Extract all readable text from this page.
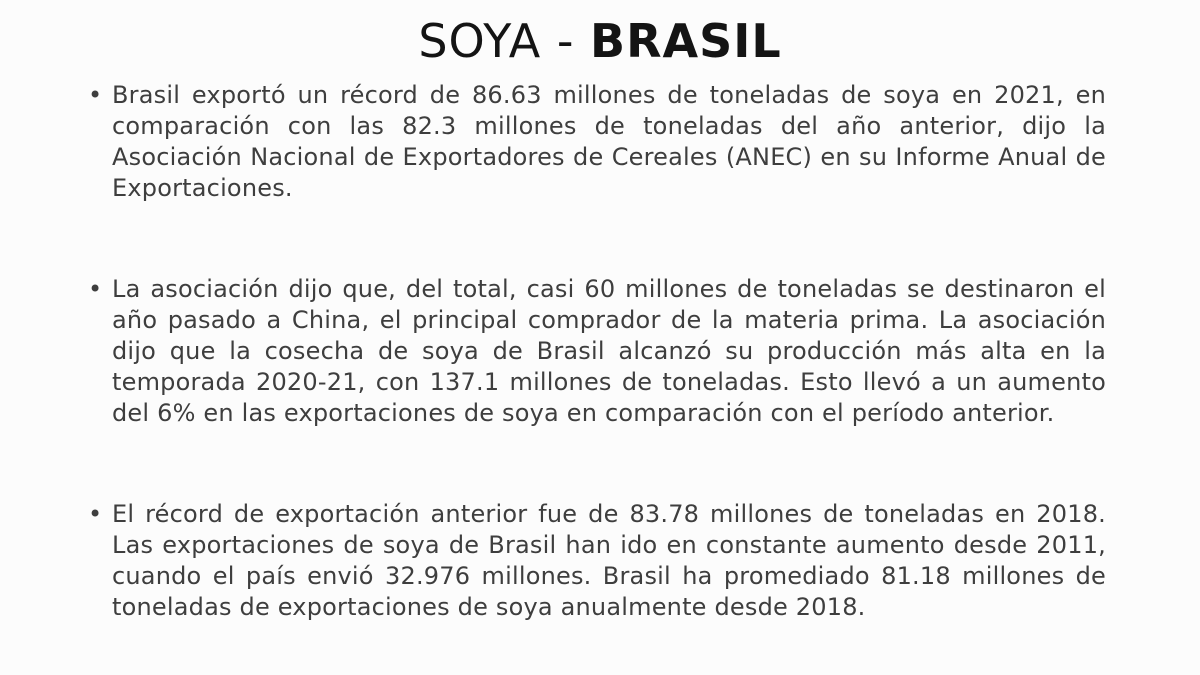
SOYA - BRASIL
• Brasil exportó un récord de 86.63 millones de toneladas de soya en 2021, en comparación con las 82.3 millones de toneladas del año anterior, dijo la Asociación Nacional de Exportadores de Cereales (ANEC) en su Informe Anual de Exportaciones.
• La asociación dijo que, del total, casi 60 millones de toneladas se destinaron el año pasado a China, el principal comprador de la materia prima. La asociación dijo que la cosecha de soya de Brasil alcanzó su producción más alta en la temporada 2020-21, con 137.1 millones de toneladas. Esto llevó a un aumento del 6% en las exportaciones de soya en comparación con el período anterior.
• El récord de exportación anterior fue de 83.78 millones de toneladas en 2018. Las exportaciones de soya de Brasil han ido en constante aumento desde 2011, cuando el país envió 32.976 millones. Brasil ha promediado 81.18 millones de toneladas de exportaciones de soya anualmente desde 2018.
